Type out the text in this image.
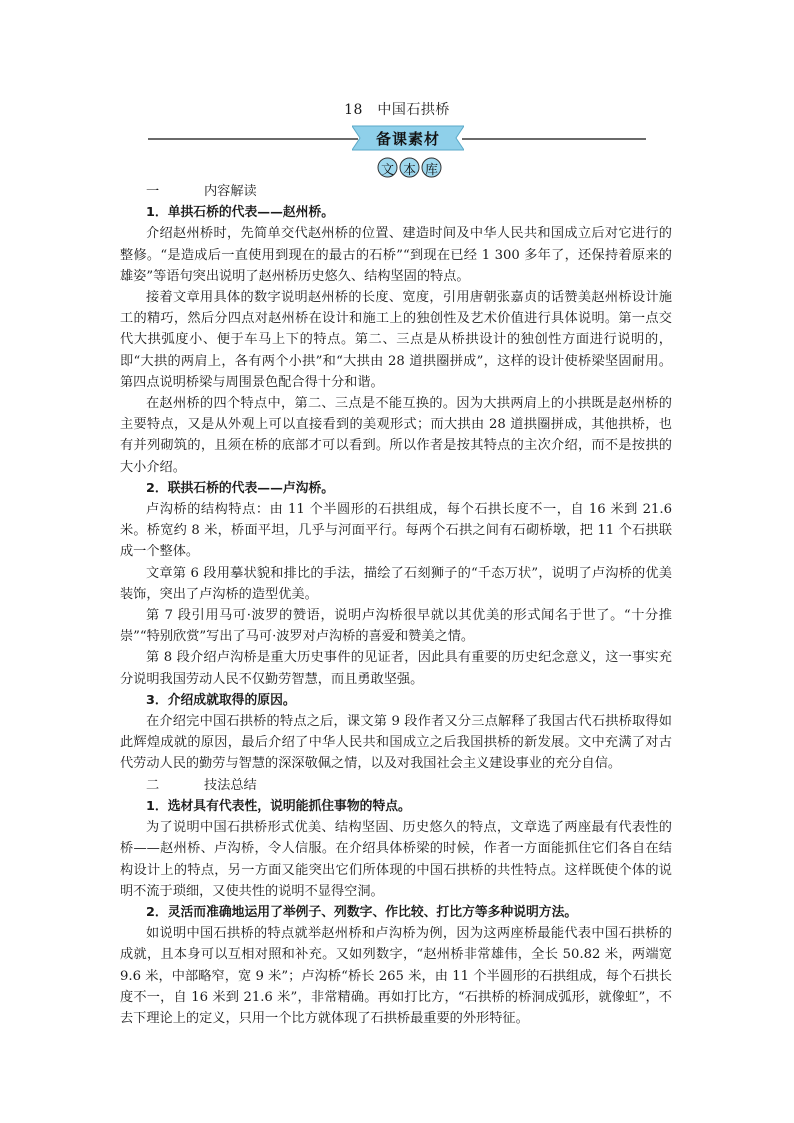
18　中国石拱桥
备课素材
文 本 库

一	内容解读

1．单拱石桥的代表——赵州桥。

介绍赵州桥时，先简单交代赵州桥的位置、建造时间及中华人民共和国成立后对它进行的整修。“是造成后一直使用到现在的最古的石桥”“到现在已经 1 300 多年了，还保持着原来的雄姿”等语句突出说明了赵州桥历史悠久、结构坚固的特点。

接着文章用具体的数字说明赵州桥的长度、宽度，引用唐朝张嘉贞的话赞美赵州桥设计施工的精巧，然后分四点对赵州桥在设计和施工上的独创性及艺术价值进行具体说明。第一点交代大拱弧度小、便于车马上下的特点。第二、三点是从桥拱设计的独创性方面进行说明的，即“大拱的两肩上，各有两个小拱”和“大拱由 28 道拱圈拼成”，这样的设计使桥梁坚固耐用。第四点说明桥梁与周围景色配合得十分和谐。

在赵州桥的四个特点中，第二、三点是不能互换的。因为大拱两肩上的小拱既是赵州桥的主要特点，又是从外观上可以直接看到的美观形式；而大拱由 28 道拱圈拼成，其他拱桥，也有并列砌筑的，且须在桥的底部才可以看到。所以作者是按其特点的主次介绍，而不是按拱的大小介绍。

2．联拱石桥的代表——卢沟桥。

卢沟桥的结构特点：由 11 个半圆形的石拱组成，每个石拱长度不一，自 16 米到 21.6 米。桥宽约 8 米，桥面平坦，几乎与河面平行。每两个石拱之间有石砌桥墩，把 11 个石拱联成一个整体。

文章第 6 段用摹状貌和排比的手法，描绘了石刻狮子的“千态万状”，说明了卢沟桥的优美装饰，突出了卢沟桥的造型优美。

第 7 段引用马可·波罗的赞语，说明卢沟桥很早就以其优美的形式闻名于世了。“十分推崇”“特别欣赏”写出了马可·波罗对卢沟桥的喜爱和赞美之情。

第 8 段介绍卢沟桥是重大历史事件的见证者，因此具有重要的历史纪念意义，这一事实充分说明我国劳动人民不仅勤劳智慧，而且勇敢坚强。

3．介绍成就取得的原因。

在介绍完中国石拱桥的特点之后，课文第 9 段作者又分三点解释了我国古代石拱桥取得如此辉煌成就的原因，最后介绍了中华人民共和国成立之后我国拱桥的新发展。文中充满了对古代劳动人民的勤劳与智慧的深深敬佩之情，以及对我国社会主义建设事业的充分自信。

二	技法总结

1．选材具有代表性，说明能抓住事物的特点。

为了说明中国石拱桥形式优美、结构坚固、历史悠久的特点，文章选了两座最有代表性的桥——赵州桥、卢沟桥，令人信服。在介绍具体桥梁的时候，作者一方面能抓住它们各自在结构设计上的特点，另一方面又能突出它们所体现的中国石拱桥的共性特点。这样既使个体的说明不流于琐细，又使共性的说明不显得空洞。

2．灵活而准确地运用了举例子、列数字、作比较、打比方等多种说明方法。

如说明中国石拱桥的特点就举赵州桥和卢沟桥为例，因为这两座桥最能代表中国石拱桥的成就，且本身可以互相对照和补充。又如列数字，“赵州桥非常雄伟，全长 50.82 米，两端宽 9.6 米，中部略窄，宽 9 米”；卢沟桥“桥长 265 米，由 11 个半圆形的石拱组成，每个石拱长度不一，自 16 米到 21.6 米”，非常精确。再如打比方，“石拱桥的桥洞成弧形，就像虹”，不去下理论上的定义，只用一个比方就体现了石拱桥最重要的外形特征。
